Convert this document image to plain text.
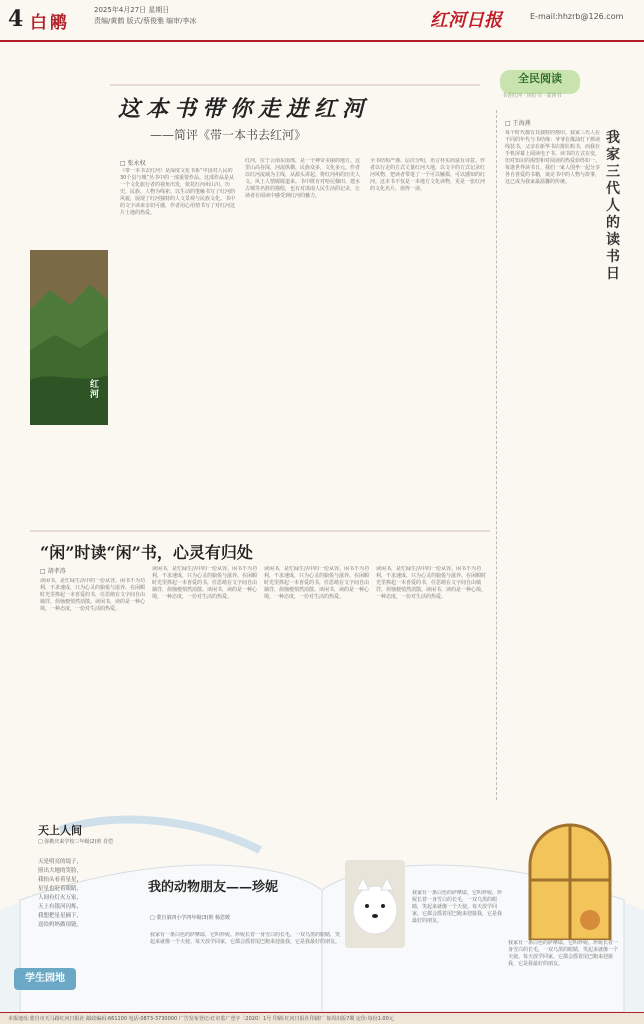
4 白鹇
2025年4月27日 星期日
责编/黄鹤 版式/蔡俊雅 编审/李冰	红河日报	E-mail:hhzrb@126.com
全民阅读
书香红河 · 读好书 · 爱读书
这本书带你走进红河
——简评《带一本书去红河》
红河
□ 张永权
《带一本书去红河》是深度文化书系“中国对人民的30个县与城”丛书中的一部重要作品。这部作品是从一个文化旅行者的视角出发，依托红河州山川、历史、民族、人物为线索，以生动的笔触书写了红河的风貌，展现了红河独特的人文景观与民族文化。书中的文字读来亲切可感，作者用心用情书写了对红河这片土地的热爱。
红河，位于云南东南部，是一个神奇美丽的地方。这里山高谷深，河流纵横，民族众多，文化多元。作者以红河流域为主线，从源头讲起，将红河州的历史人文、风土人情娓娓道来。书中既有对哈尼梯田、建水古城等名胜的描绘，也有对滇南人民生活的记录，让读者在阅读中感受到红河的魅力。
全书结构严谨、层次分明，语言朴实而富有诗意。作者以行走的方式丈量红河大地，以文字的方式记录红河风物，把读者带进了一个可以触摸、可以感知的红河。这本书不仅是一本地方文化读物，更是一张红河的文化名片，值得一读。
我家三代人的读书日
□ 王海燕
每个时代都有其独特的烙印。我家三代人在不同的年代与书结缘：爷爷在煤油灯下捧读线装书，父亲在新华书店排队购书，而我在手机屏幕上阅读电子书。读书的方式在变，但对知识的渴望和对阅读的热爱始终如一。每逢世界读书日，我们一家人围坐一起分享各自喜爱的书籍，谈论书中的人物与故事，这已成为我家最温馨的传统。
“闲”时读“闲”书，心灵有归处
□ 胡孝涛
读闲书，是忙碌生活中的一份从容。闲书不为功利，不求速成，只为心灵的愉悦与滋养。在闲暇时光里捧起一本喜爱的书，任思绪在文字间自由徜徉，烦恼便悄然消散。读闲书，读的是一种心境，一种态度，一份对生活的热爱。
读闲书，是忙碌生活中的一份从容。闲书不为功利，不求速成，只为心灵的愉悦与滋养。在闲暇时光里捧起一本喜爱的书，任思绪在文字间自由徜徉，烦恼便悄然消散。读闲书，读的是一种心境，一种态度，一份对生活的热爱。
读闲书，是忙碌生活中的一份从容。闲书不为功利，不求速成，只为心灵的愉悦与滋养。在闲暇时光里捧起一本喜爱的书，任思绪在文字间自由徜徉，烦恼便悄然消散。读闲书，读的是一种心境，一种态度，一份对生活的热爱。
读闲书，是忙碌生活中的一份从容。闲书不为功利，不求速成，只为心灵的愉悦与滋养。在闲暇时光里捧起一本喜爱的书，任思绪在文字间自由徜徉，烦恼便悄然消散。读闲书，读的是一种心境，一种态度，一份对生活的热爱。
天上人间
□ 弥勒庆来学校三年级(2)班 肖恺
天是明亮的镜子，
照出大地的笑脸，
我抬头看着星星，
星星也眨着眼睛，
人间有灯火万家，
天上有银河闪烁，
我想把星星摘下，
送给妈妈做项链。
我的动物朋友——珍妮
□ 蒙自第四小学四年级(3)班 杨思媛
我家有一条白色的萨摩耶，它叫珍妮。珍妮长着一身雪白的长毛，一双乌黑的眼睛，笑起来就像一个天使。每天放学回家，它都会摇着尾巴跑来迎接我，它是我最好的朋友。
我家有一条白色的萨摩耶，它叫珍妮。珍妮长着一身雪白的长毛，一双乌黑的眼睛，笑起来就像一个天使。每天放学回家，它都会摇着尾巴跑来迎接我，它是我最好的朋友。
我家有一条白色的萨摩耶，它叫珍妮。珍妮长着一身雪白的长毛，一双乌黑的眼睛，笑起来就像一个天使。每天放学回家，它都会摇着尾巴跑来迎接我，它是我最好的朋友。
学生园地
本报地址:蒙自市天马路红河日报社 邮政编码:661100 电话:0873-3730000 广告发布登记:红市监广登字〔2020〕1号 印刷:红河日报社印刷厂 每周出版7期 定价:每份1.00元
